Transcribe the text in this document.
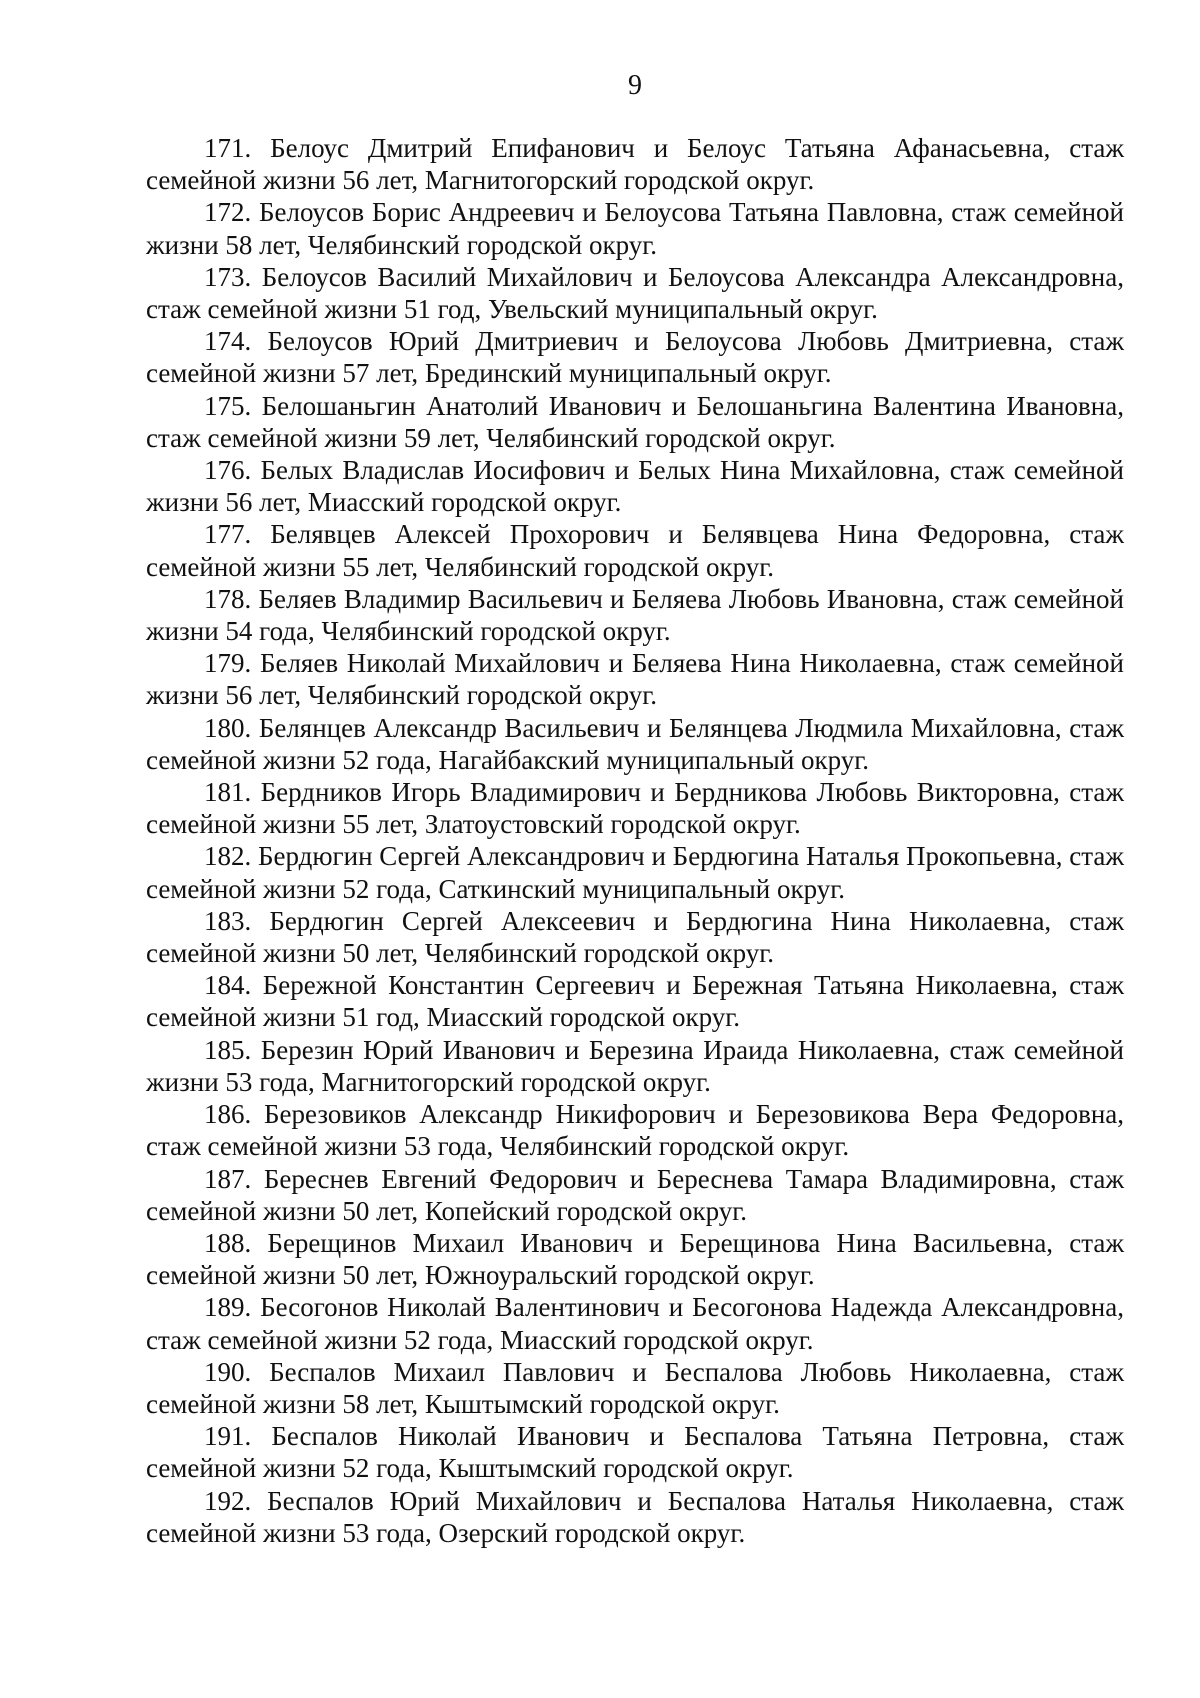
9

171. Белоус Дмитрий Епифанович и Белоус Татьяна Афанасьевна, стаж семейной жизни 56 лет, Магнитогорский городской округ.

172. Белоусов Борис Андреевич и Белоусова Татьяна Павловна, стаж семейной жизни 58 лет, Челябинский городской округ.

173. Белоусов Василий Михайлович и Белоусова Александра Александровна, стаж семейной жизни 51 год, Увельский муниципальный округ.

174. Белоусов Юрий Дмитриевич и Белоусова Любовь Дмитриевна, стаж семейной жизни 57 лет, Брединский муниципальный округ.

175. Белошаньгин Анатолий Иванович и Белошаньгина Валентина Ивановна, стаж семейной жизни 59 лет, Челябинский городской округ.

176. Белых Владислав Иосифович и Белых Нина Михайловна, стаж семейной жизни 56 лет, Миасский городской округ.

177. Белявцев Алексей Прохорович и Белявцева Нина Федоровна, стаж семейной жизни 55 лет, Челябинский городской округ.

178. Беляев Владимир Васильевич и Беляева Любовь Ивановна, стаж семейной жизни 54 года, Челябинский городской округ.

179. Беляев Николай Михайлович и Беляева Нина Николаевна, стаж семейной жизни 56 лет, Челябинский городской округ.

180. Белянцев Александр Васильевич и Белянцева Людмила Михайловна, стаж семейной жизни 52 года, Нагайбакский муниципальный округ.

181. Бердников Игорь Владимирович и Бердникова Любовь Викторовна, стаж семейной жизни 55 лет, Златоустовский городской округ.

182. Бердюгин Сергей Александрович и Бердюгина Наталья Прокопьевна, стаж семейной жизни 52 года, Саткинский муниципальный округ.

183. Бердюгин Сергей Алексеевич и Бердюгина Нина Николаевна, стаж семейной жизни 50 лет, Челябинский городской округ.

184. Бережной Константин Сергеевич и Бережная Татьяна Николаевна, стаж семейной жизни 51 год, Миасский городской округ.

185. Березин Юрий Иванович и Березина Ираида Николаевна, стаж семейной жизни 53 года, Магнитогорский городской округ.

186. Березовиков Александр Никифорович и Березовикова Вера Федоровна, стаж семейной жизни 53 года, Челябинский городской округ.

187. Береснев Евгений Федорович и Береснева Тамара Владимировна, стаж семейной жизни 50 лет, Копейский городской округ.

188. Берещинов Михаил Иванович и Берещинова Нина Васильевна, стаж семейной жизни 50 лет, Южноуральский городской округ.

189. Бесогонов Николай Валентинович и Бесогонова Надежда Александровна, стаж семейной жизни 52 года, Миасский городской округ.

190. Беспалов Михаил Павлович и Беспалова Любовь Николаевна, стаж семейной жизни 58 лет, Кыштымский городской округ.

191. Беспалов Николай Иванович и Беспалова Татьяна Петровна, стаж семейной жизни 52 года, Кыштымский городской округ.

192. Беспалов Юрий Михайлович и Беспалова Наталья Николаевна, стаж семейной жизни 53 года, Озерский городской округ.
